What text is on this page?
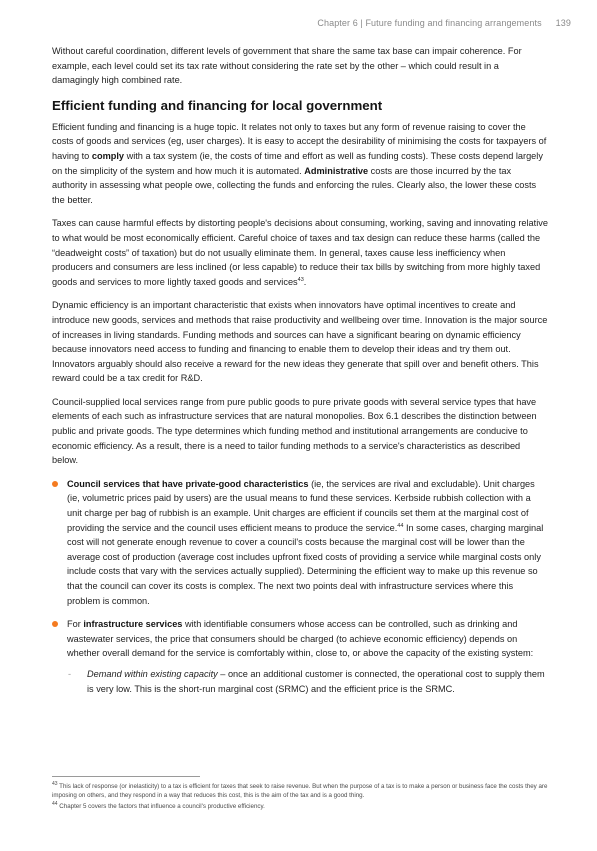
Chapter 6 | Future funding and financing arrangements 139

Without careful coordination, different levels of government that share the same tax base can impair coherence. For example, each level could set its tax rate without considering the rate set by the other – which could result in a damagingly high combined rate.

Efficient funding and financing for local government

Efficient funding and financing is a huge topic. It relates not only to taxes but any form of revenue raising to cover the costs of goods and services (eg, user charges). It is easy to accept the desirability of minimising the costs for taxpayers of having to comply with a tax system (ie, the costs of time and effort as well as funding costs). These costs depend largely on the simplicity of the system and how much it is automated. Administrative costs are those incurred by the tax authority in assessing what people owe, collecting the funds and enforcing the rules. Clearly also, the lower these costs the better.

Taxes can cause harmful effects by distorting people's decisions about consuming, working, saving and innovating relative to what would be most economically efficient. Careful choice of taxes and tax design can reduce these harms (called the “deadweight costs” of taxation) but do not usually eliminate them. In general, taxes cause less inefficiency when producers and consumers are less inclined (or less capable) to reduce their tax bills by switching from more highly taxed goods and services to more lightly taxed goods and services$^{43}$.

Dynamic efficiency is an important characteristic that exists when innovators have optimal incentives to create and introduce new goods, services and methods that raise productivity and wellbeing over time. Innovation is the major source of increases in living standards. Funding methods and sources can have a significant bearing on dynamic efficiency because innovators need access to funding and financing to enable them to develop their ideas and try them out. Innovators arguably should also receive a reward for the new ideas they generate that spill over and benefit others. This reward could be a tax credit for R&D.

Council-supplied local services range from pure public goods to pure private goods with several service types that have elements of each such as infrastructure services that are natural monopolies. Box 6.1 describes the distinction between public and private goods. The type determines which funding method and institutional arrangements are conducive to economic efficiency. As a result, there is a need to tailor funding methods to a service's characteristics as described below.

Council services that have private-good characteristics (ie, the services are rival and excludable). Unit charges (ie, volumetric prices paid by users) are the usual means to fund these services. Kerbside rubbish collection with a unit charge per bag of rubbish is an example. Unit charges are efficient if councils set them at the marginal cost of providing the service and the council uses efficient means to produce the service.$^{44}$ In some cases, charging marginal cost will not generate enough revenue to cover a council's costs because the marginal cost will be lower than the average cost of production (average cost includes upfront fixed costs of providing a service while marginal costs only include costs that vary with the services actually supplied). Determining the efficient way to make up this revenue so that the council can cover its costs is complex. The next two points deal with infrastructure services where this problem is common.
For infrastructure services with identifiable consumers whose access can be controlled, such as drinking and wastewater services, the price that consumers should be charged (to achieve economic efficiency) depends on whether overall demand for the service is comfortably within, close to, or above the capacity of the existing system:
- Demand within existing capacity – once an additional customer is connected, the operational cost to supply them is very low. This is the short-run marginal cost (SRMC) and the efficient price is the SRMC.

$^{43}$ This lack of response (or inelasticity) to a tax is efficient for taxes that seek to raise revenue. But when the purpose of a tax is to make a person or business face the costs they are imposing on others, and they respond in a way that reduces this cost, this is the aim of the tax and is a good thing.

$^{44}$ Chapter 5 covers the factors that influence a council's productive efficiency.
